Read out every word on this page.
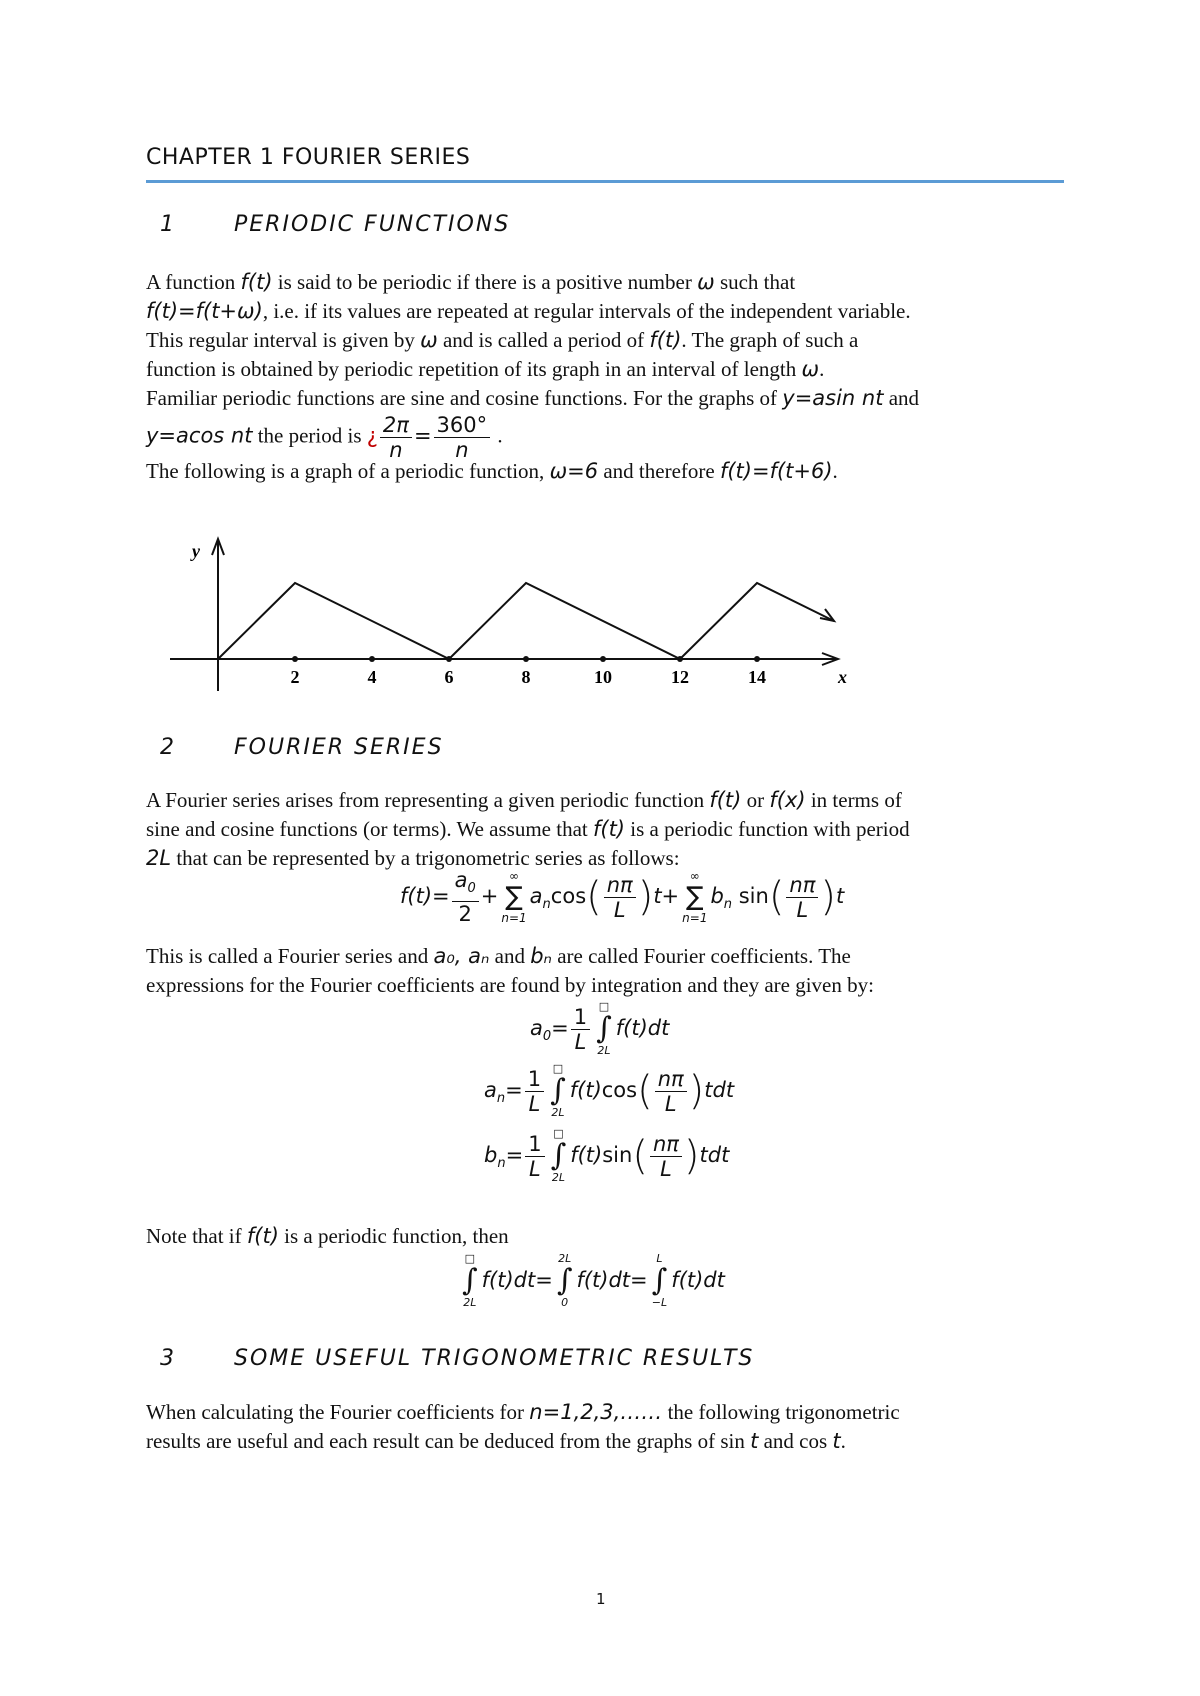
CHAPTER 1 FOURIER SERIES
1	PERIODIC FUNCTIONS
A function f(t) is said to be periodic if there is a positive number ω such that
f(t)=f(t+ω), i.e. if its values are repeated at regular intervals of the independent variable.
This regular interval is given by ω and is called a period of f(t). The graph of such a
function is obtained by periodic repetition of its graph in an interval of length ω.
Familiar periodic functions are sine and cosine functions. For the graphs of y=asin nt and
y=acos nt the period is ¿ $\frac{2\pi}{n} = \frac{360^\circ}{n}$ .
The following is a graph of a periodic function, ω=6 and therefore f(t)=f(t+6).
x
y
2	4	6	8	10	12	14
2	FOURIER SERIES
A Fourier series arises from representing a given periodic function f(t) or f(x) in terms of
sine and cosine functions (or terms). We assume that f(t) is a periodic function with period
2L that can be represented by a trigonometric series as follows:
$f(t)= \frac{a_0}{2}$ +
∞
∑
n=1
$a_n\cos( \frac{n\pi}{L} )t+$
∞
∑
n=1
$b_n$ $\sin( \frac{n\pi}{L} )t$
This is called a Fourier series and a₀, aₙ and bₙ are called Fourier coefficients. The
expressions for the Fourier coefficients are found by integration and they are given by:
$a_0= \frac{1}{L}$ □
∫
2L
f(t)dt
$a_n= \frac{1}{L}$ □
∫
2L
$f(t)\cos( \frac{n\pi}{L} )tdt$
$b_n= \frac{1}{L}$ □
∫
2L
$f(t)\sin( \frac{n\pi}{L} )tdt$
Note that if f(t) is a periodic function, then
□
∫
2L
f(t)dt=
2L
∫
0
f(t)dt=
L
∫
−L
f(t)dt
3	SOME USEFUL TRIGONOMETRIC RESULTS
When calculating the Fourier coefficients for n=1,2,3,…… the following trigonometric
results are useful and each result can be deduced from the graphs of sin t and cos t.
1
